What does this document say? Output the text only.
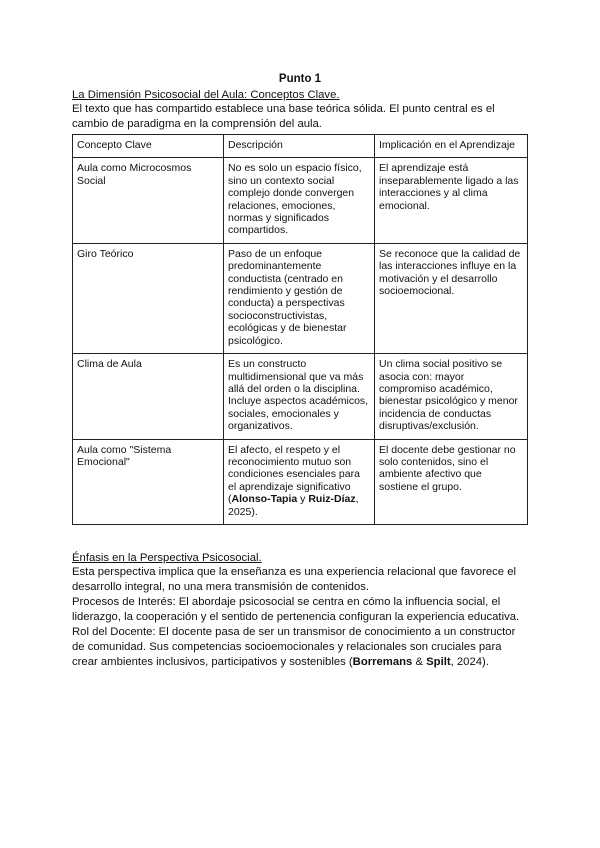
Punto 1
La Dimensión Psicosocial del Aula: Conceptos Clave.

El texto que has compartido establece una base teórica sólida. El punto central es el cambio de paradigma en la comprensión del aula.

Concepto Clave	Descripción	Implicación en el Aprendizaje
Aula como Microcosmos Social	No es solo un espacio físico, sino un contexto social complejo donde convergen relaciones, emociones, normas y significados compartidos.	El aprendizaje está inseparablemente ligado a las interacciones y al clima emocional.
Giro Teórico	Paso de un enfoque predominantemente conductista (centrado en rendimiento y gestión de conducta) a perspectivas socioconstructivistas, ecológicas y de bienestar psicológico.	Se reconoce que la calidad de las interacciones influye en la motivación y el desarrollo socioemocional.
Clima de Aula	Es un constructo multidimensional que va más allá del orden o la disciplina. Incluye aspectos académicos, sociales, emocionales y organizativos.	Un clima social positivo se asocia con: mayor compromiso académico, bienestar psicológico y menor incidencia de conductas disruptivas/exclusión.
Aula como "Sistema Emocional"	El afecto, el respeto y el reconocimiento mutuo son condiciones esenciales para el aprendizaje significativo (Alonso-Tapia y Ruiz-Díaz, 2025).	El docente debe gestionar no solo contenidos, sino el ambiente afectivo que sostiene el grupo.
Énfasis en la Perspectiva Psicosocial.

Esta perspectiva implica que la enseñanza es una experiencia relacional que favorece el desarrollo integral, no una mera transmisión de contenidos.

Procesos de Interés: El abordaje psicosocial se centra en cómo la influencia social, el liderazgo, la cooperación y el sentido de pertenencia configuran la experiencia educativa.

Rol del Docente: El docente pasa de ser un transmisor de conocimiento a un constructor de comunidad. Sus competencias socioemocionales y relacionales son cruciales para crear ambientes inclusivos, participativos y sostenibles (Borremans & Spilt, 2024).
